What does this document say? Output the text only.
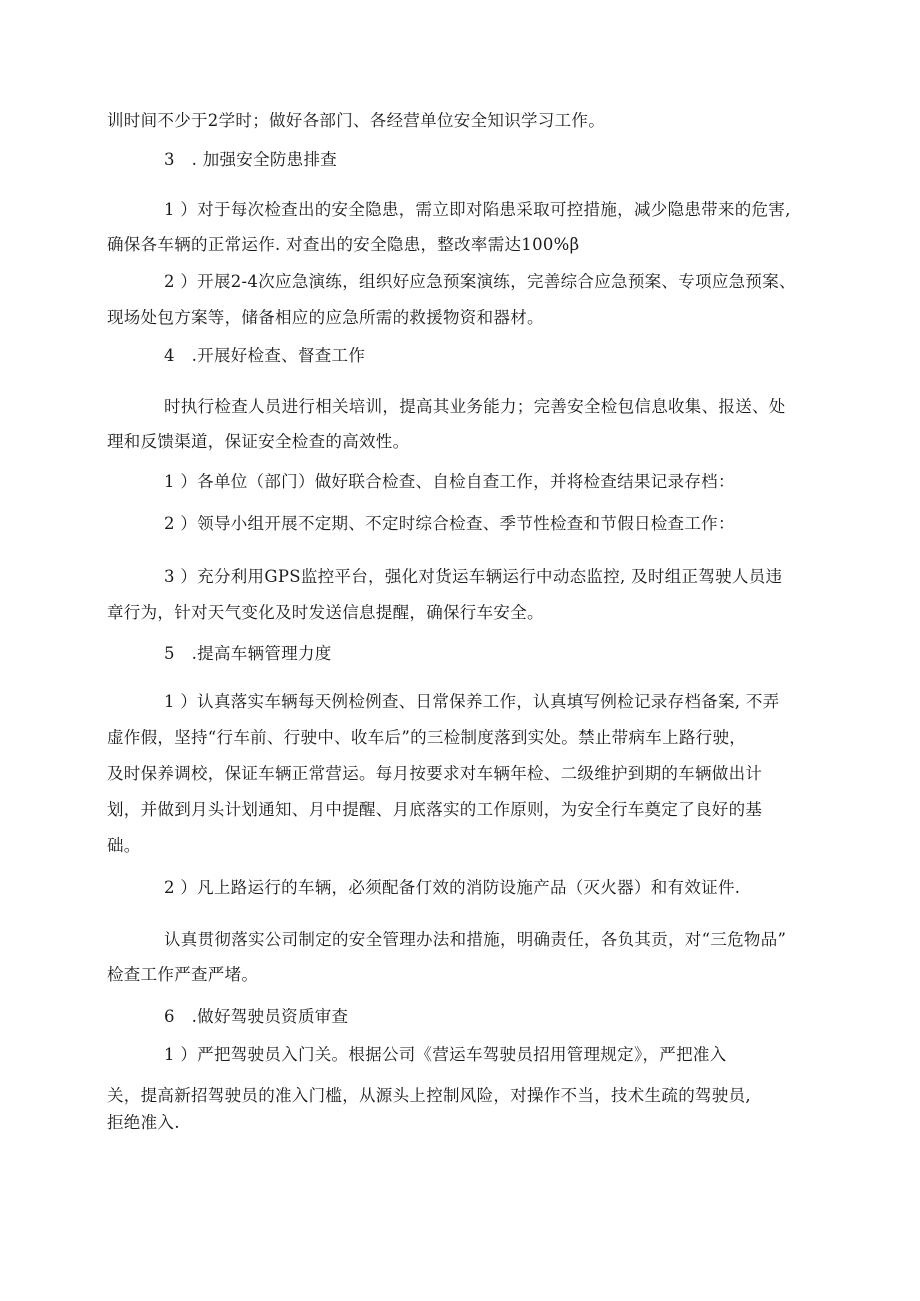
训时间不少于2学时；做好各部门、各经营单位安全知识学习工作。
3　. 加强安全防患排查
1 ）对于每次检查出的安全隐患，需立即对陷患采取可控措施，减少隐患带来的危害,
确保各车辆的正常运作. 对查出的安全隐患，整改率需达100%β
2 ）开展2-4次应急演练，组织好应急预案演练，完善综合应急预案、专项应急预案、
现场处包方案等，储备相应的应急所需的救援物资和器材。
4　.开展好检查、督查工作
时执行检查人员进行相关培训，提高其业务能力；完善安全检包信息收集、报送、处
理和反馈渠道，保证安全检查的高效性。
1 ）各单位（部门）做好联合检查、自检自查工作，并将检查结果记录存档：
2 ）领导小组开展不定期、不定时综合检查、季节性检查和节假日检查工作：
3 ）充分利用GPS监控平台，强化对货运车辆运行中动态监控, 及时组正驾驶人员违
章行为，针对天气变化及时发送信息提醒，确保行车安全。
5　.提高车辆管理力度
1 ）认真落实车辆每天例检例查、日常保养工作，认真填写例检记录存档备案, 不弄
虚作假，坚持“行车前、行驶中、收车后”的三检制度落到实处。禁止带病车上路行驶，
及时保养调校，保证车辆正常营运。每月按要求对车辆年检、二级维护到期的车辆做出计
划，并做到月头计划通知、月中提醒、月底落实的工作原则，为安全行车奠定了良好的基
础。
2 ）凡上路运行的车辆，必须配备仃效的消防设施产品（灭火器）和有效证件.
认真贯彻落实公司制定的安全管理办法和措施，明确责任，各负其贡，对“三危物品”
检查工作严查严堵。
6　.做好驾驶员资质审查
1 ）严把驾驶员入门关。根据公司《营运车驾驶员招用管理规定》，严把准入
关，提高新招驾驶员的准入门槛，从源头上控制风险，对操作不当，技术生疏的驾驶员,
拒绝准入.
